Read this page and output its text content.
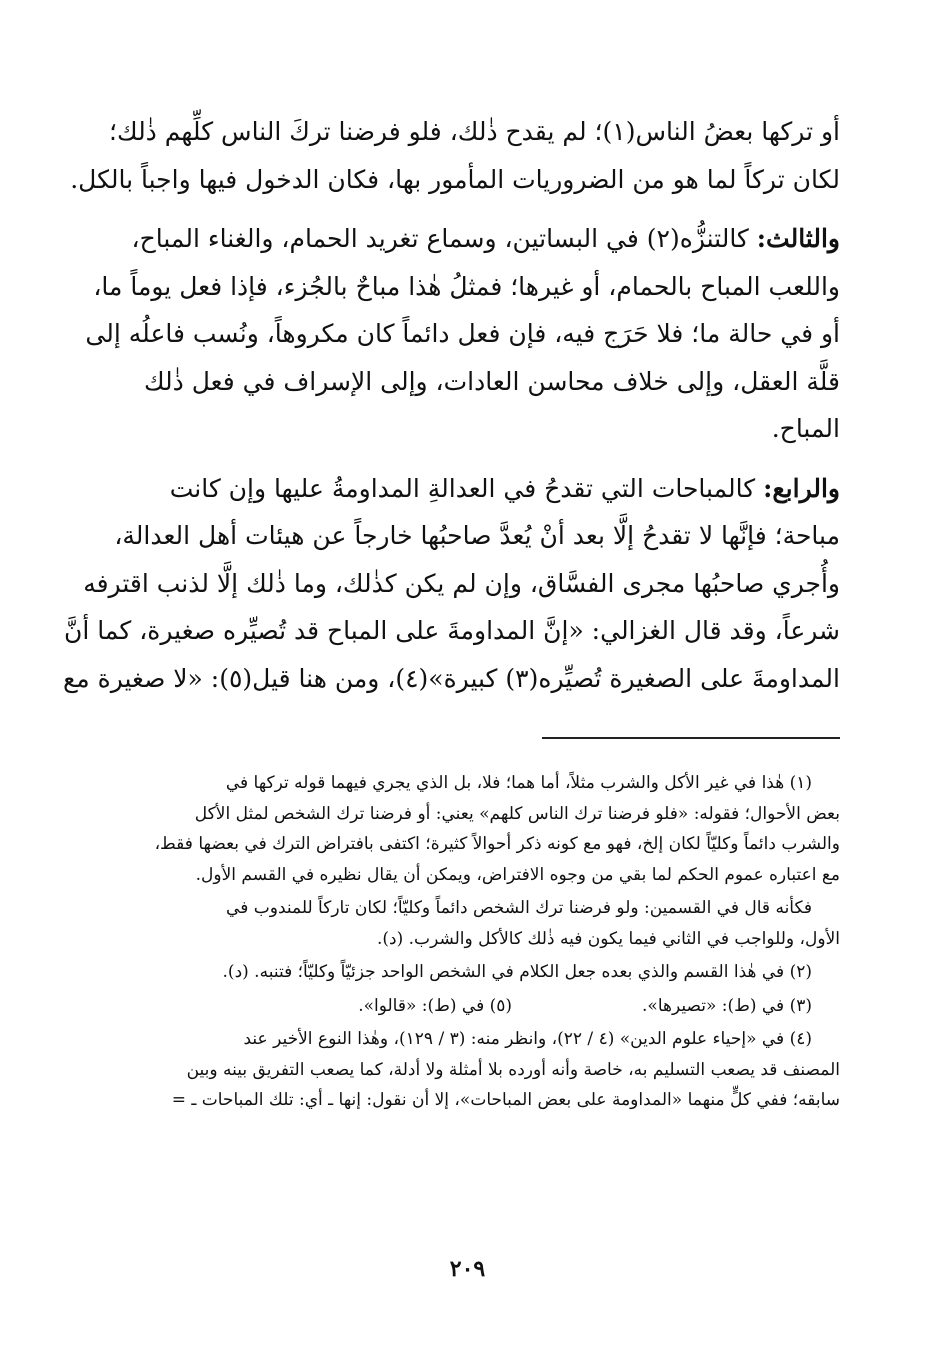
أو تركها بعضُ الناس(١)؛ لم يقدح ذٰلك، فلو فرضنا تركَ الناس كلِّهم ذٰلك؛
لكان تركاً لما هو من الضروريات المأمور بها، فكان الدخول فيها واجباً بالكل.

والثالث: كالتنزُّه(٢) في البساتين، وسماع تغريد الحمام، والغناء المباح،
واللعب المباح بالحمام، أو غيرها؛ فمثلُ هٰذا مباحٌ بالجُزء، فإذا فعل يوماً ما،
أو في حالة ما؛ فلا حَرَج فيه، فإن فعل دائماً كان مكروهاً، ونُسب فاعلُه إلى
قلَّة العقل، وإلى خلاف محاسن العادات، وإلى الإسراف في فعل ذٰلك
المباح.

والرابع: كالمباحات التي تقدحُ في العدالةِ المداومةُ عليها وإن كانت
مباحة؛ فإنَّها لا تقدحُ إلَّا بعد أنْ يُعدَّ صاحبُها خارجاً عن هيئات أهل العدالة،
وأُجري صاحبُها مجرى الفسَّاق، وإن لم يكن كذٰلك، وما ذٰلك إلَّا لذنب اقترفه
شرعاً، وقد قال الغزالي: «إنَّ المداومةَ على المباح قد تُصيِّره صغيرة، كما أنَّ
المداومةَ على الصغيرة تُصيِّره(٣) كبيرة»(٤)، ومن هنا قيل(٥): «لا صغيرة مع

(١) هٰذا في غير الأكل والشرب مثلاً، أما هما؛ فلا، بل الذي يجري فيهما قوله تركها في
بعض الأحوال؛ فقوله: «فلو فرضنا ترك الناس كلهم» يعني: أو فرضنا ترك الشخص لمثل الأكل
والشرب دائماً وكليّاً لكان إلخ، فهو مع كونه ذكر أحوالاً كثيرة؛ اكتفى بافتراض الترك في بعضها فقط،
مع اعتباره عموم الحكم لما بقي من وجوه الافتراض، ويمكن أن يقال نظيره في القسم الأول.
فكأنه قال في القسمين: ولو فرضنا ترك الشخص دائماً وكليّاً؛ لكان تاركاً للمندوب في
الأول، وللواجب في الثاني فيما يكون فيه ذٰلك كالأكل والشرب. (د).
(٢) في هٰذا القسم والذي بعده جعل الكلام في الشخص الواحد جزئيّاً وكليّاً؛ فتنبه. (د).
(٣) في (ط): «تصيرها».
(٥) في (ط): «قالوا».
(٤) في «إحياء علوم الدين» (٤ / ٢٢)، وانظر منه: (٣ / ١٢٩)، وهٰذا النوع الأخير عند
المصنف قد يصعب التسليم به، خاصة وأنه أورده بلا أمثلة ولا أدلة، كما يصعب التفريق بينه وبين
سابقه؛ ففي كلٍّ منهما «المداومة على بعض المباحات»، إلا أن نقول: إنها ـ أي: تلك المباحات ـ =
٢٠٩
